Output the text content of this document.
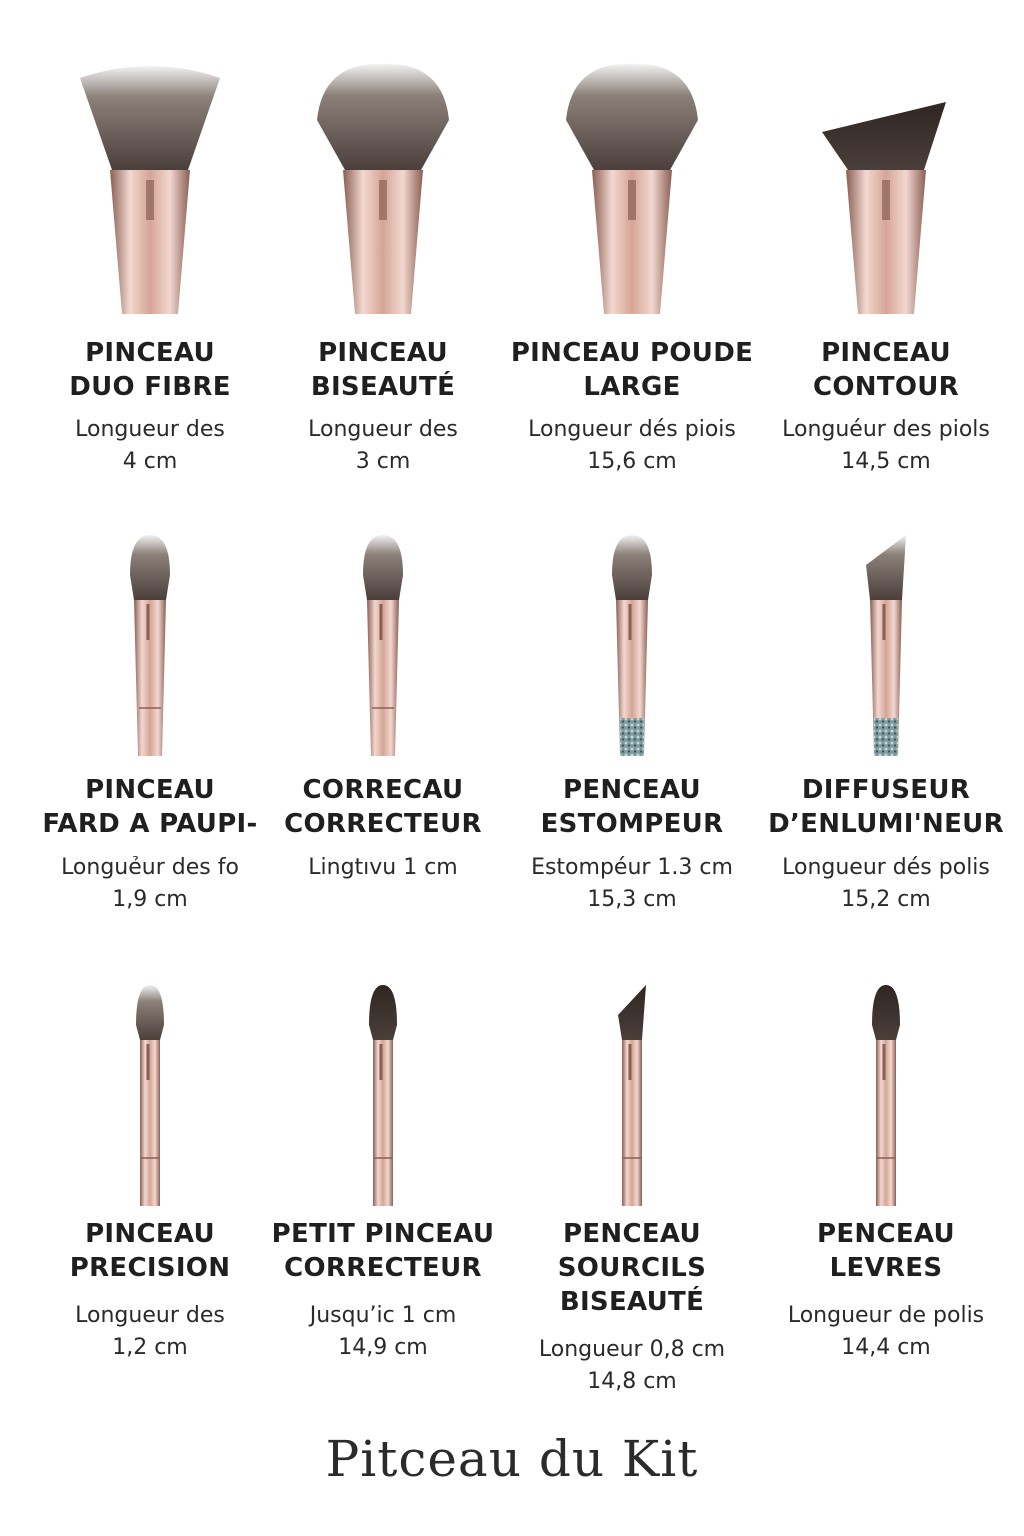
PINCEAU
DUO FIBRE
Longueur des
4 cm
PINCEAU
BISEAUTÉ
Longueur des
3 cm
PINCEAU POUDE
LARGE
Longueur dés piois
15,6 cm
PINCEAU
CONTOUR
Longuéur des piols
14,5 cm
PINCEAU
FARD A PAUPI-
Longuẻur des fo
1,9 cm
CORRECAU
CORRECTEUR
Lingtıvu 1 cm
PENCEAU
ESTOMPEUR
Estompéur 1.3 cm
15,3 cm
DIFFUSEUR
D’ENLUMI'NEUR
Longueur dés polis
15,2 cm
PINCEAU
PRECISION
Longueur des
1,2 cm
PETIT PINCEAU
CORRECTEUR
Jusqu’ic 1 cm
14,9 cm
PENCEAU
SOURCILS
BISEAUTÉ
Longueur 0,8 cm
14,8 cm
PENCEAU
LEVRES
Longueur de polis
14,4 cm
Pitceau du Kit
